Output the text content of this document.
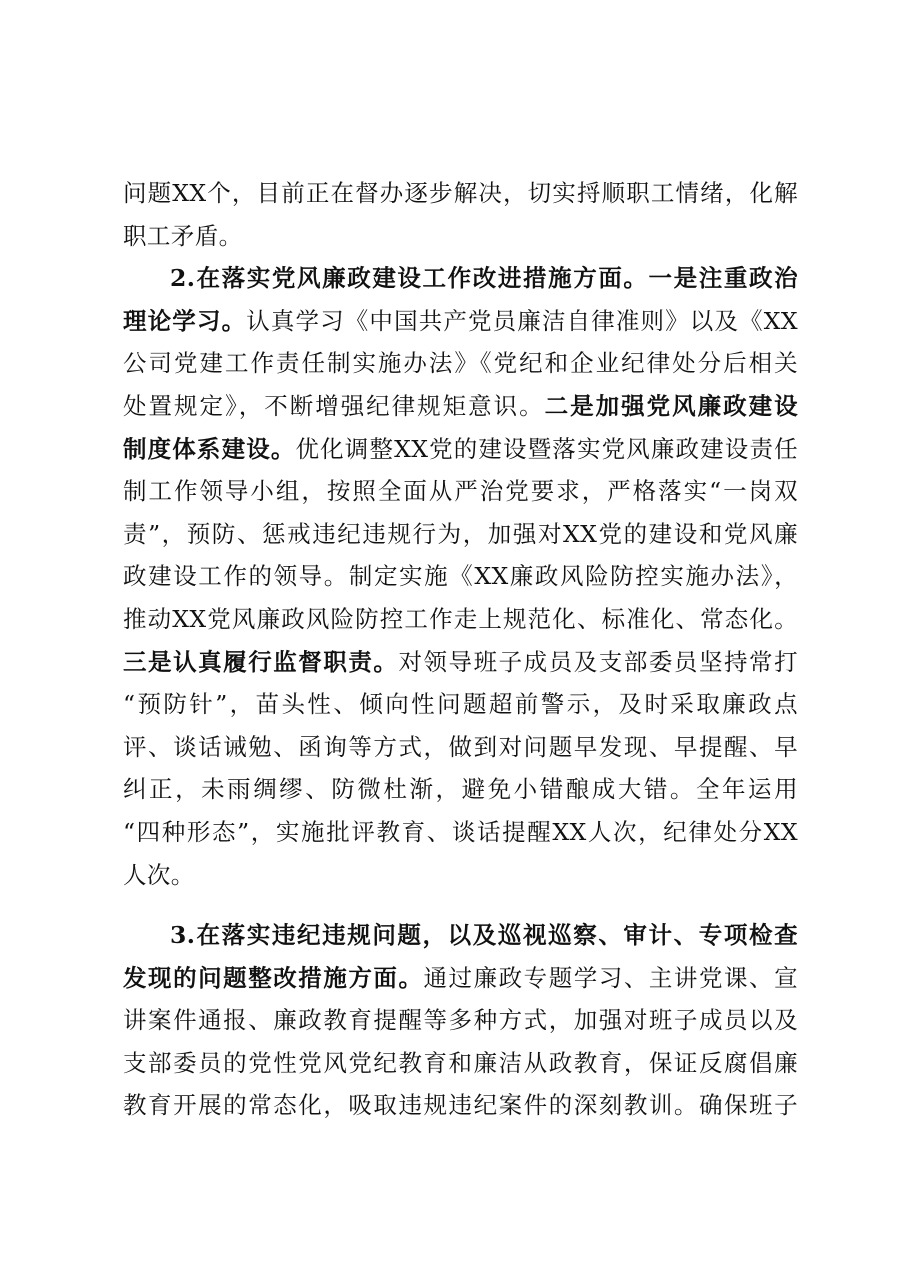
问题XX个，目前正在督办逐步解决，切实捋顺职工情绪，化解
职工矛盾。
2.在落实党风廉政建设工作改进措施方面。一是注重政治
理论学习。认真学习《中国共产党员廉洁自律准则》以及《XX
公司党建工作责任制实施办法》《党纪和企业纪律处分后相关
处置规定》，不断增强纪律规矩意识。二是加强党风廉政建设
制度体系建设。优化调整XX党的建设暨落实党风廉政建设责任
制工作领导小组，按照全面从严治党要求，严格落实“一岗双
责”，预防、惩戒违纪违规行为，加强对XX党的建设和党风廉
政建设工作的领导。制定实施《XX廉政风险防控实施办法》，
推动XX党风廉政风险防控工作走上规范化、标准化、常态化。
三是认真履行监督职责。对领导班子成员及支部委员坚持常打
“预防针”，苗头性、倾向性问题超前警示，及时采取廉政点
评、谈话诫勉、函询等方式，做到对问题早发现、早提醒、早
纠正，未雨绸缪、防微杜渐，避免小错酿成大错。全年运用
“四种形态”，实施批评教育、谈话提醒XX人次，纪律处分XX
人次。
3.在落实违纪违规问题，以及巡视巡察、审计、专项检查
发现的问题整改措施方面。通过廉政专题学习、主讲党课、宣
讲案件通报、廉政教育提醒等多种方式，加强对班子成员以及
支部委员的党性党风党纪教育和廉洁从政教育，保证反腐倡廉
教育开展的常态化，吸取违规违纪案件的深刻教训。确保班子
